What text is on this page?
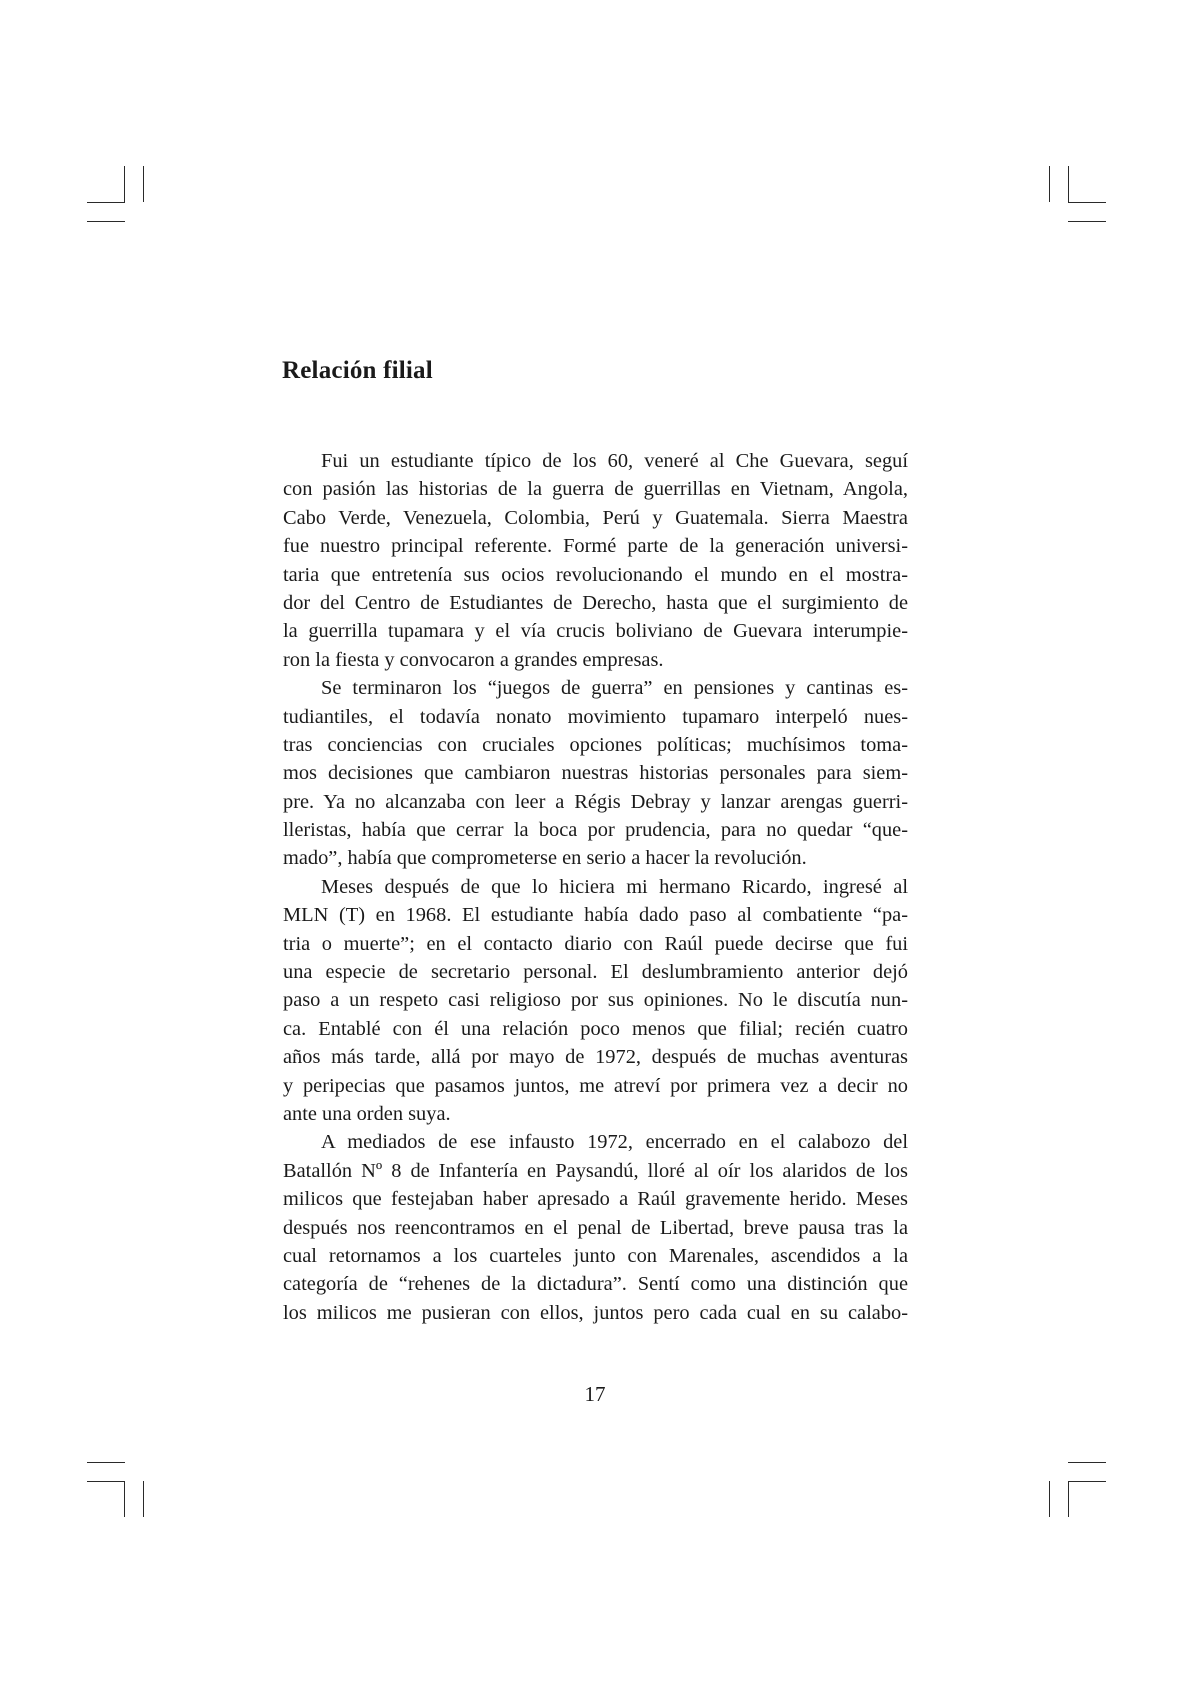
Relación filial
Fui un estudiante típico de los 60, veneré al Che Guevara, seguí
con pasión las historias de la guerra de guerrillas en Vietnam, Angola,
Cabo Verde, Venezuela, Colombia, Perú y Guatemala. Sierra Maestra
fue nuestro principal referente. Formé parte de la generación universi-
taria que entretenía sus ocios revolucionando el mundo en el mostra-
dor del Centro de Estudiantes de Derecho, hasta que el surgimiento de
la guerrilla tupamara y el vía crucis boliviano de Guevara interumpie-
ron la fiesta y convocaron a grandes empresas.
Se terminaron los “juegos de guerra” en pensiones y cantinas es-
tudiantiles, el todavía nonato movimiento tupamaro interpeló nues-
tras conciencias con cruciales opciones políticas; muchísimos toma-
mos decisiones que cambiaron nuestras historias personales para siem-
pre. Ya no alcanzaba con leer a Régis Debray y lanzar arengas guerri-
lleristas, había que cerrar la boca por prudencia, para no quedar “que-
mado”, había que comprometerse en serio a hacer la revolución.
Meses después de que lo hiciera mi hermano Ricardo, ingresé al
MLN (T) en 1968. El estudiante había dado paso al combatiente “pa-
tria o muerte”; en el contacto diario con Raúl puede decirse que fui
una especie de secretario personal. El deslumbramiento anterior dejó
paso a un respeto casi religioso por sus opiniones. No le discutía nun-
ca. Entablé con él una relación poco menos que filial; recién cuatro
años más tarde, allá por mayo de 1972, después de muchas aventuras
y peripecias que pasamos juntos, me atreví por primera vez a decir no
ante una orden suya.
A mediados de ese infausto 1972, encerrado en el calabozo del
Batallón Nº 8 de Infantería en Paysandú, lloré al oír los alaridos de los
milicos que festejaban haber apresado a Raúl gravemente herido. Meses
después nos reencontramos en el penal de Libertad, breve pausa tras la
cual retornamos a los cuarteles junto con Marenales, ascendidos a la
categoría de “rehenes de la dictadura”. Sentí como una distinción que
los milicos me pusieran con ellos, juntos pero cada cual en su calabo-
17
